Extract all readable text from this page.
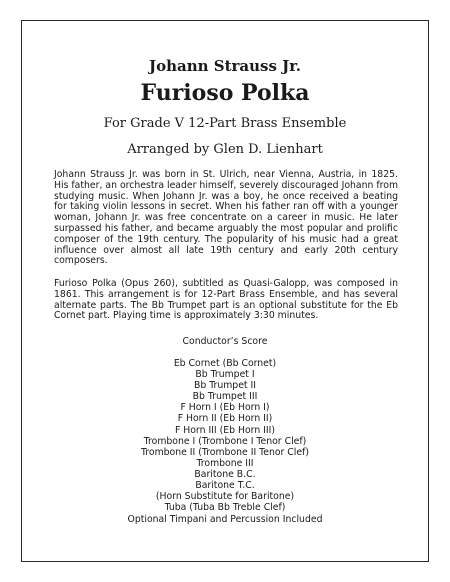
Johann Strauss Jr.
Furioso Polka

For Grade V 12-Part Brass Ensemble

Arranged by Glen D. Lienhart

Johann Strauss Jr. was born in St. Ulrich, near Vienna, Austria, in 1825. His father, an orchestra leader himself, severely discouraged Johann from studying music. When Johann Jr. was a boy, he once received a beating for taking violin lessons in secret. When his father ran off with a younger woman, Johann Jr. was free concentrate on a career in music. He later surpassed his father, and became arguably the most popular and prolific composer of the 19th century. The popularity of his music had a great influence over almost all late 19th century and early 20th century composers.

Furioso Polka (Opus 260), subtitled as Quasi-Galopp, was composed in 1861. This arrangement is for 12-Part Brass Ensemble, and has several alternate parts. The Bb Trumpet part is an optional substitute for the Eb Cornet part. Playing time is approximately 3:30 minutes.

Conductor’s Score

Eb Cornet (Bb Cornet)
Bb Trumpet I
Bb Trumpet II
Bb Trumpet III
F Horn I (Eb Horn I)
F Horn II (Eb Horn II)
F Horn III (Eb Horn III)
Trombone I (Trombone I Tenor Clef)
Trombone II (Trombone II Tenor Clef)
Trombone III
Baritone B.C.
Baritone T.C.
(Horn Substitute for Baritone)
Tuba (Tuba Bb Treble Clef)

Optional Timpani and Percussion Included
